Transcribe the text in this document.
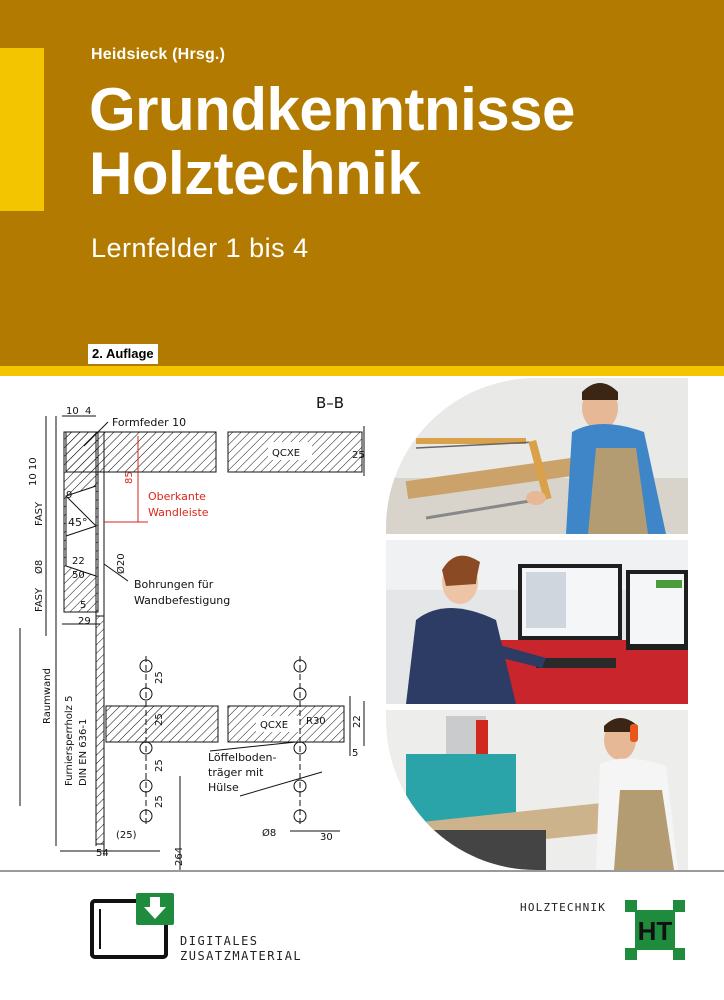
Heidsieck (Hrsg.)
Grundkenntnisse
Holztechnik
Lernfelder 1 bis 4
2. Auflage
B–B
Formfeder 10
10 4
QCXE	25
10 10	85
9	Oberkante
Wandleiste
FASY 45°
22
50
Ø8	Ø20
Bohrungen für
Wandbefestigung
FASY	5
29
Raumwand Furniersperrholz 5 DIN EN 636-1
25
25
25
25
QCXE R30	22
5
Löffelboden-
träger mit
Hülse
(25)
54	264
Ø8	30
DIGITALES
ZUSATZMATERIAL
HOLZTECHNIK
HT
